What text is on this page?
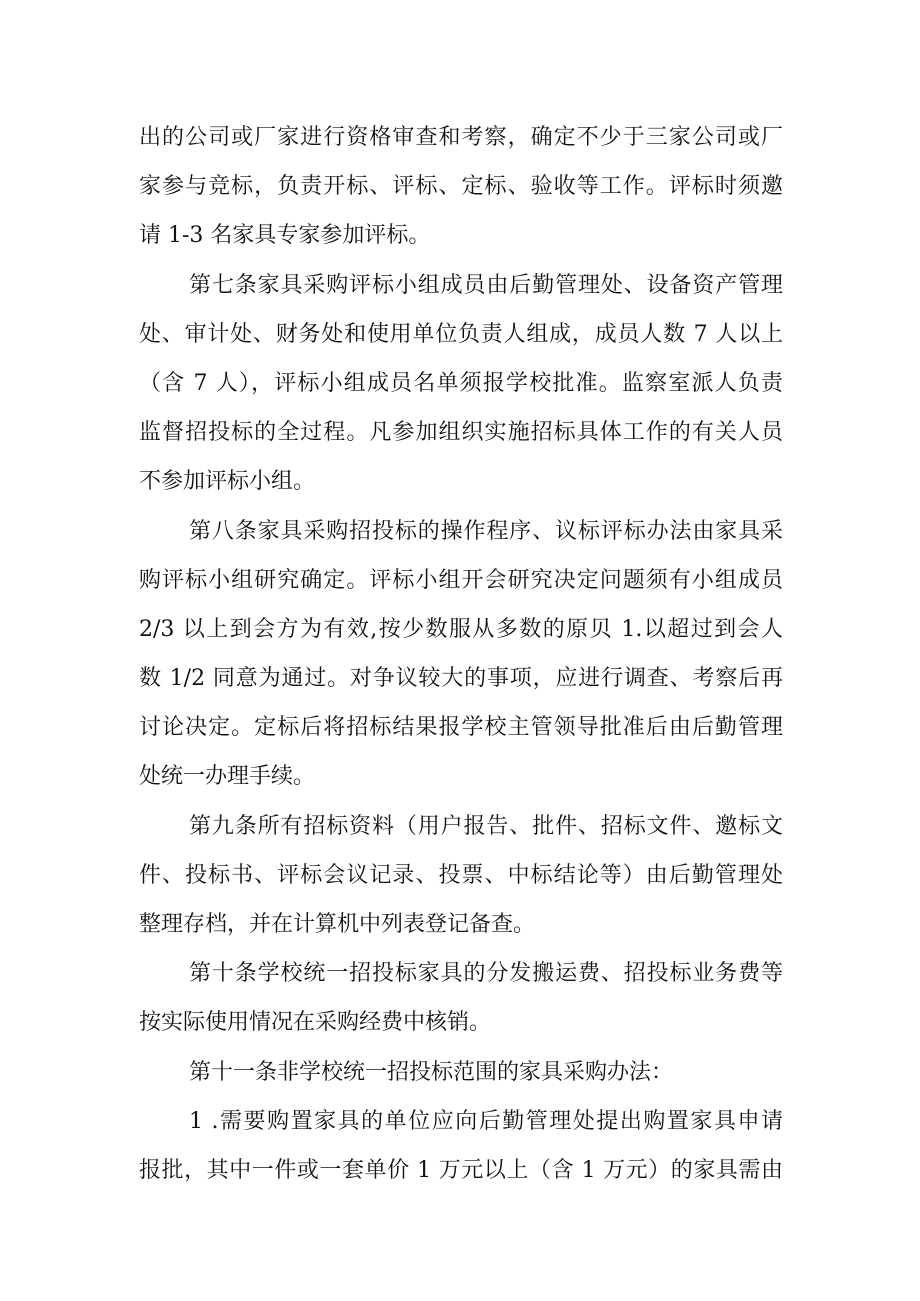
出的公司或厂家进行资格审查和考察，确定不少于三家公司或厂
家参与竞标，负责开标、评标、定标、验收等工作。评标时须邀
请 1-3 名家具专家参加评标。
第七条家具采购评标小组成员由后勤管理处、设备资产管理
处、审计处、财务处和使用单位负责人组成，成员人数 7 人以上
（含 7 人），评标小组成员名单须报学校批准。监察室派人负责
监督招投标的全过程。凡参加组织实施招标具体工作的有关人员
不参加评标小组。
第八条家具采购招投标的操作程序、议标评标办法由家具采
购评标小组研究确定。评标小组开会研究决定问题须有小组成员
2/3 以上到会方为有效,按少数服从多数的原贝 1.以超过到会人
数 1/2 同意为通过。对争议较大的事项，应进行调查、考察后再
讨论决定。定标后将招标结果报学校主管领导批准后由后勤管理
处统一办理手续。
第九条所有招标资料（用户报告、批件、招标文件、邀标文
件、投标书、评标会议记录、投票、中标结论等）由后勤管理处
整理存档，并在计算机中列表登记备查。
第十条学校统一招投标家具的分发搬运费、招投标业务费等
按实际使用情况在采购经费中核销。
第十一条非学校统一招投标范围的家具采购办法：
1 .需要购置家具的单位应向后勤管理处提出购置家具申请
报批，其中一件或一套单价 1 万元以上（含 1 万元）的家具需由
